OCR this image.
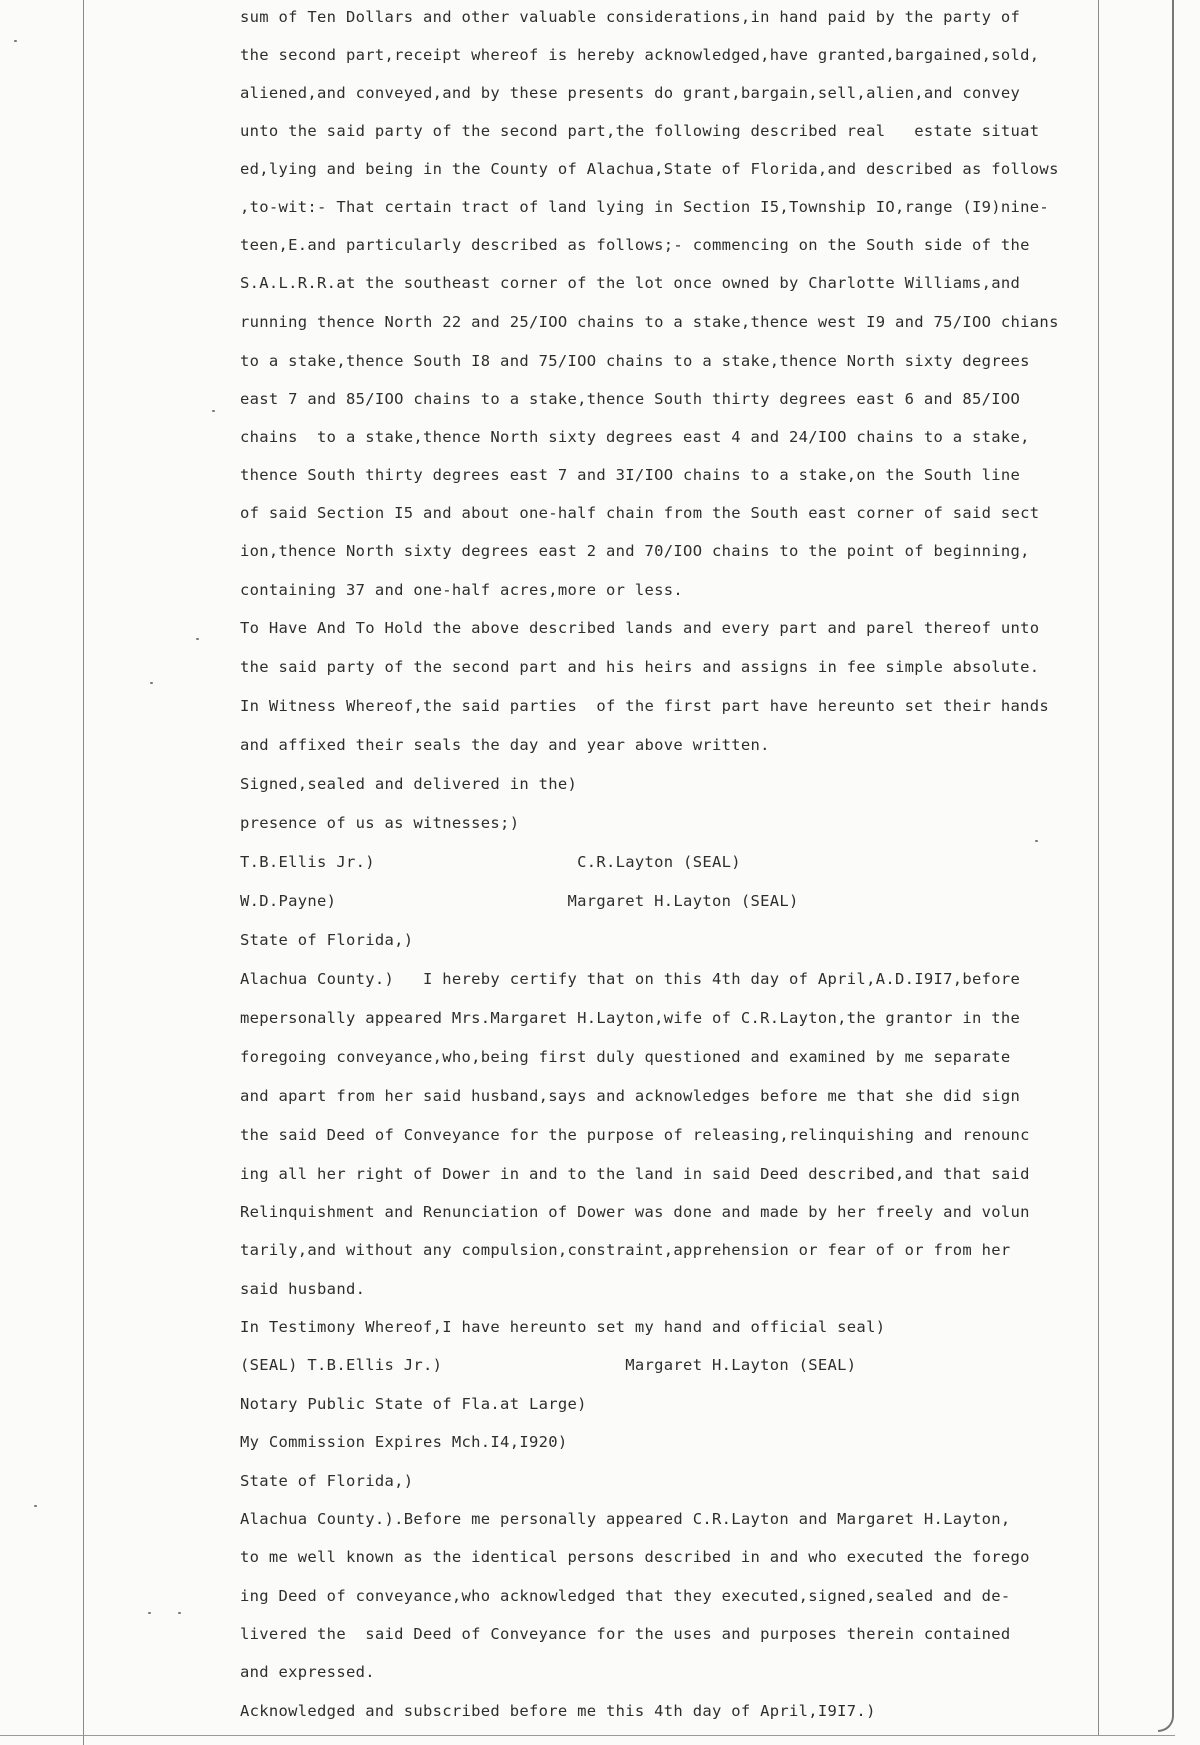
sum of Ten Dollars and other valuable considerations,in hand paid by the party of
the second part,receipt whereof is hereby acknowledged,have granted,bargained,sold,
aliened,and conveyed,and by these presents do grant,bargain,sell,alien,and convey
unto the said party of the second part,the following described real   estate situat
ed,lying and being in the County of Alachua,State of Florida,and described as follows
,to-wit:- That certain tract of land lying in Section I5,Township IO,range (I9)nine-
teen,E.and particularly described as follows;- commencing on the South side of the
S.A.L.R.R.at the southeast corner of the lot once owned by Charlotte Williams,and
running thence North 22 and 25/IOO chains to a stake,thence west I9 and 75/IOO chians
to a stake,thence South I8 and 75/IOO chains to a stake,thence North sixty degrees
east 7 and 85/IOO chains to a stake,thence South thirty degrees east 6 and 85/IOO
chains  to a stake,thence North sixty degrees east 4 and 24/IOO chains to a stake,
thence South thirty degrees east 7 and 3I/IOO chains to a stake,on the South line
of said Section I5 and about one-half chain from the South east corner of said sect
ion,thence North sixty degrees east 2 and 70/IOO chains to the point of beginning,
containing 37 and one-half acres,more or less.
To Have And To Hold the above described lands and every part and parel thereof unto
the said party of the second part and his heirs and assigns in fee simple absolute.
In Witness Whereof,the said parties  of the first part have hereunto set their hands
and affixed their seals the day and year above written.
Signed,sealed and delivered in the)
presence of us as witnesses;)
T.B.Ellis Jr.)                     C.R.Layton (SEAL)
W.D.Payne)                        Margaret H.Layton (SEAL)
State of Florida,)
Alachua County.)   I hereby certify that on this 4th day of April,A.D.I9I7,before
mepersonally appeared Mrs.Margaret H.Layton,wife of C.R.Layton,the grantor in the
foregoing conveyance,who,being first duly questioned and examined by me separate
and apart from her said husband,says and acknowledges before me that she did sign
the said Deed of Conveyance for the purpose of releasing,relinquishing and renounc
ing all her right of Dower in and to the land in said Deed described,and that said
Relinquishment and Renunciation of Dower was done and made by her freely and volun
tarily,and without any compulsion,constraint,apprehension or fear of or from her
said husband.
In Testimony Whereof,I have hereunto set my hand and official seal)
(SEAL) T.B.Ellis Jr.)                   Margaret H.Layton (SEAL)
Notary Public State of Fla.at Large)
My Commission Expires Mch.I4,I920)
State of Florida,)
Alachua County.).Before me personally appeared C.R.Layton and Margaret H.Layton,
to me well known as the identical persons described in and who executed the forego
ing Deed of conveyance,who acknowledged that they executed,signed,sealed and de-
livered the  said Deed of Conveyance for the uses and purposes therein contained
and expressed.
Acknowledged and subscribed before me this 4th day of April,I9I7.)
